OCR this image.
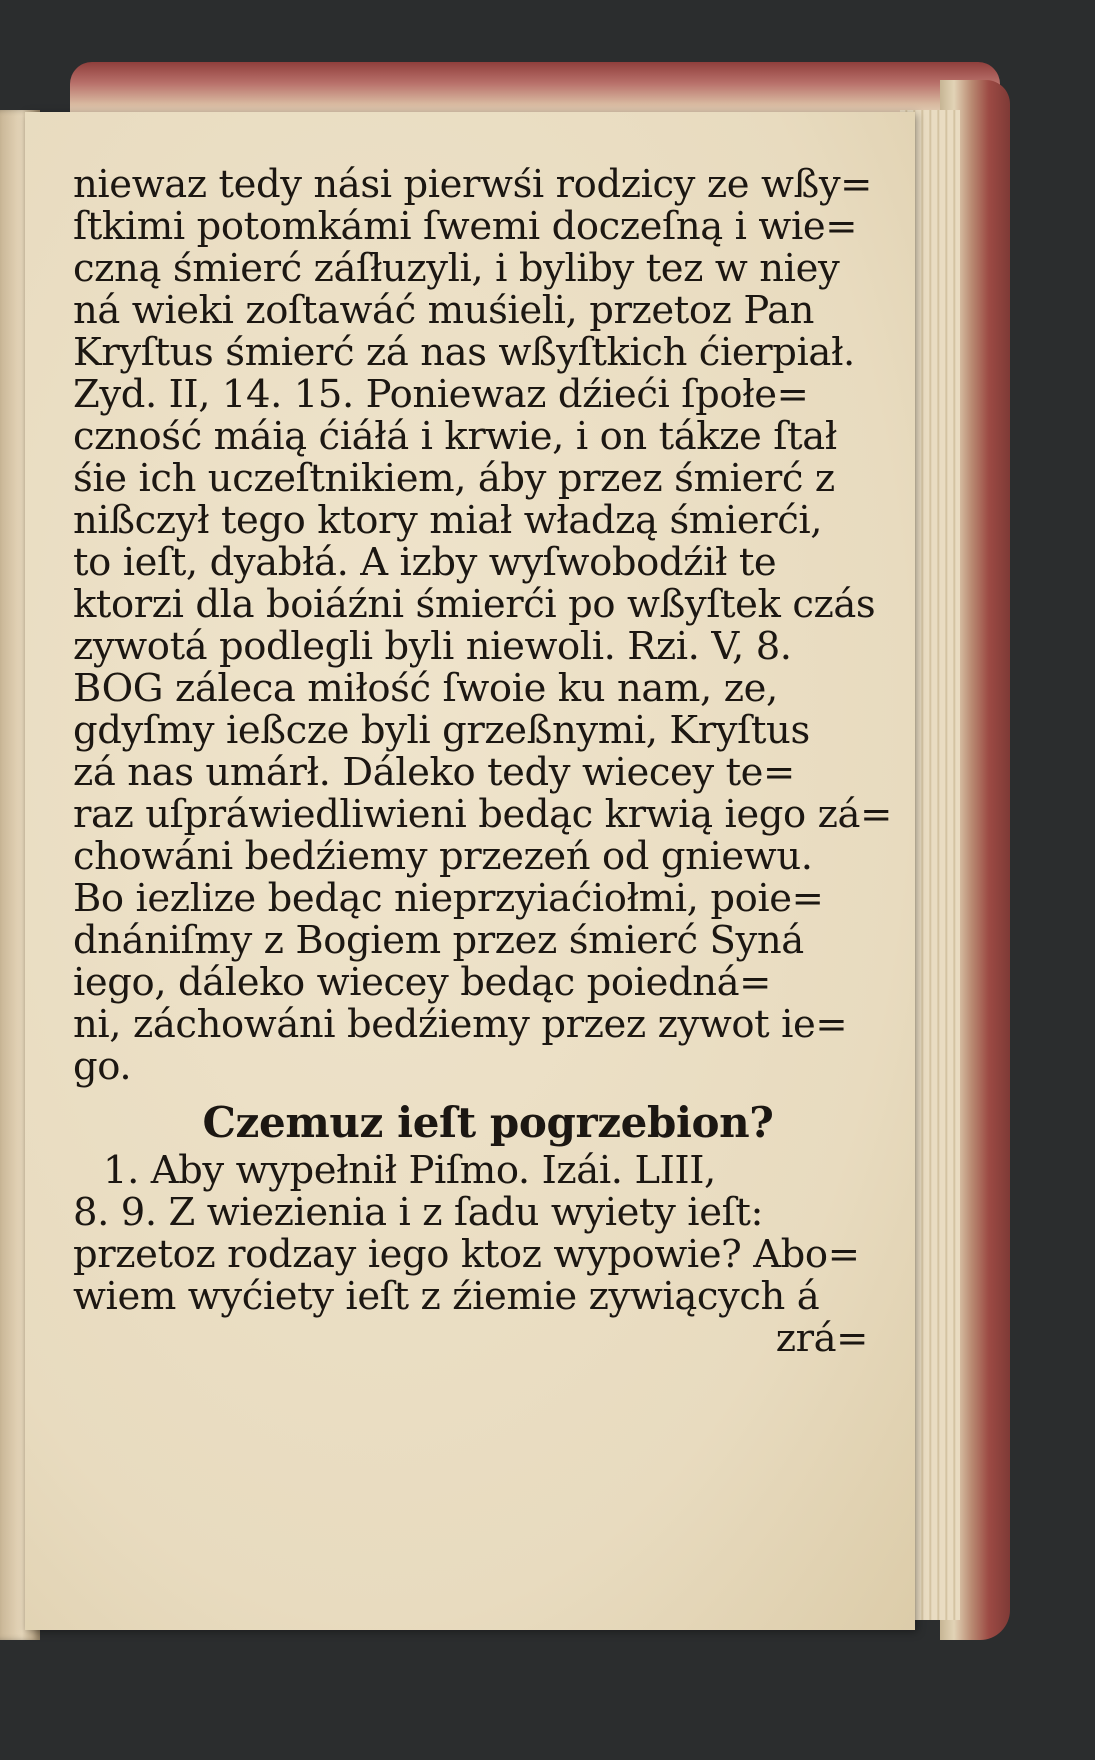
niewaz tedy nási pierwśi rodzicy ze wßy=
ſtkimi potomkámi ſwemi doczeſną i wie=
czną śmierć záſłuzyli, i byliby tez w niey
ná wieki zoſtawáć muśieli, przetoz Pan
Kryſtus śmierć zá nas wßyſtkich ćierpiał.
Zyd. II, 14. 15. Poniewaz dźieći ſpołe=
czność máią ćiáłá i krwie, i on tákze ſtał
śie ich uczeſtnikiem, áby przez śmierć z
nißczył tego ktory miał władzą śmierći,
to ieſt, dyabłá. A izby wyſwobodźił te
ktorzi dla boiáźni śmierći po wßyſtek czás
zywotá podlegli byli niewoli. Rzi. V, 8.
BOG záleca miłość ſwoie ku nam, ze,
gdyſmy ießcze byli grzeßnymi, Kryſtus
zá nas umárł. Dáleko tedy wiecey te=
raz uſpráwiedliwieni bedąc krwią iego zá=
chowáni bedźiemy przezeń od gniewu.
Bo iezlize bedąc nieprzyiaćiołmi, poie=
dnániſmy z Bogiem przez śmierć Syná
iego, dáleko wiecey bedąc poiedná=
ni, záchowáni bedźiemy przez zywot ie=
go.
Czemuz ieſt pogrzebion?
1. Aby wypełnił Piſmo. Izái. LIII,
8. 9. Z wiezienia i z ſadu wyiety ieſt:
przetoz rodzay iego ktoz wypowie? Abo=
wiem wyćiety ieſt z źiemie zywiących á
zrá=
